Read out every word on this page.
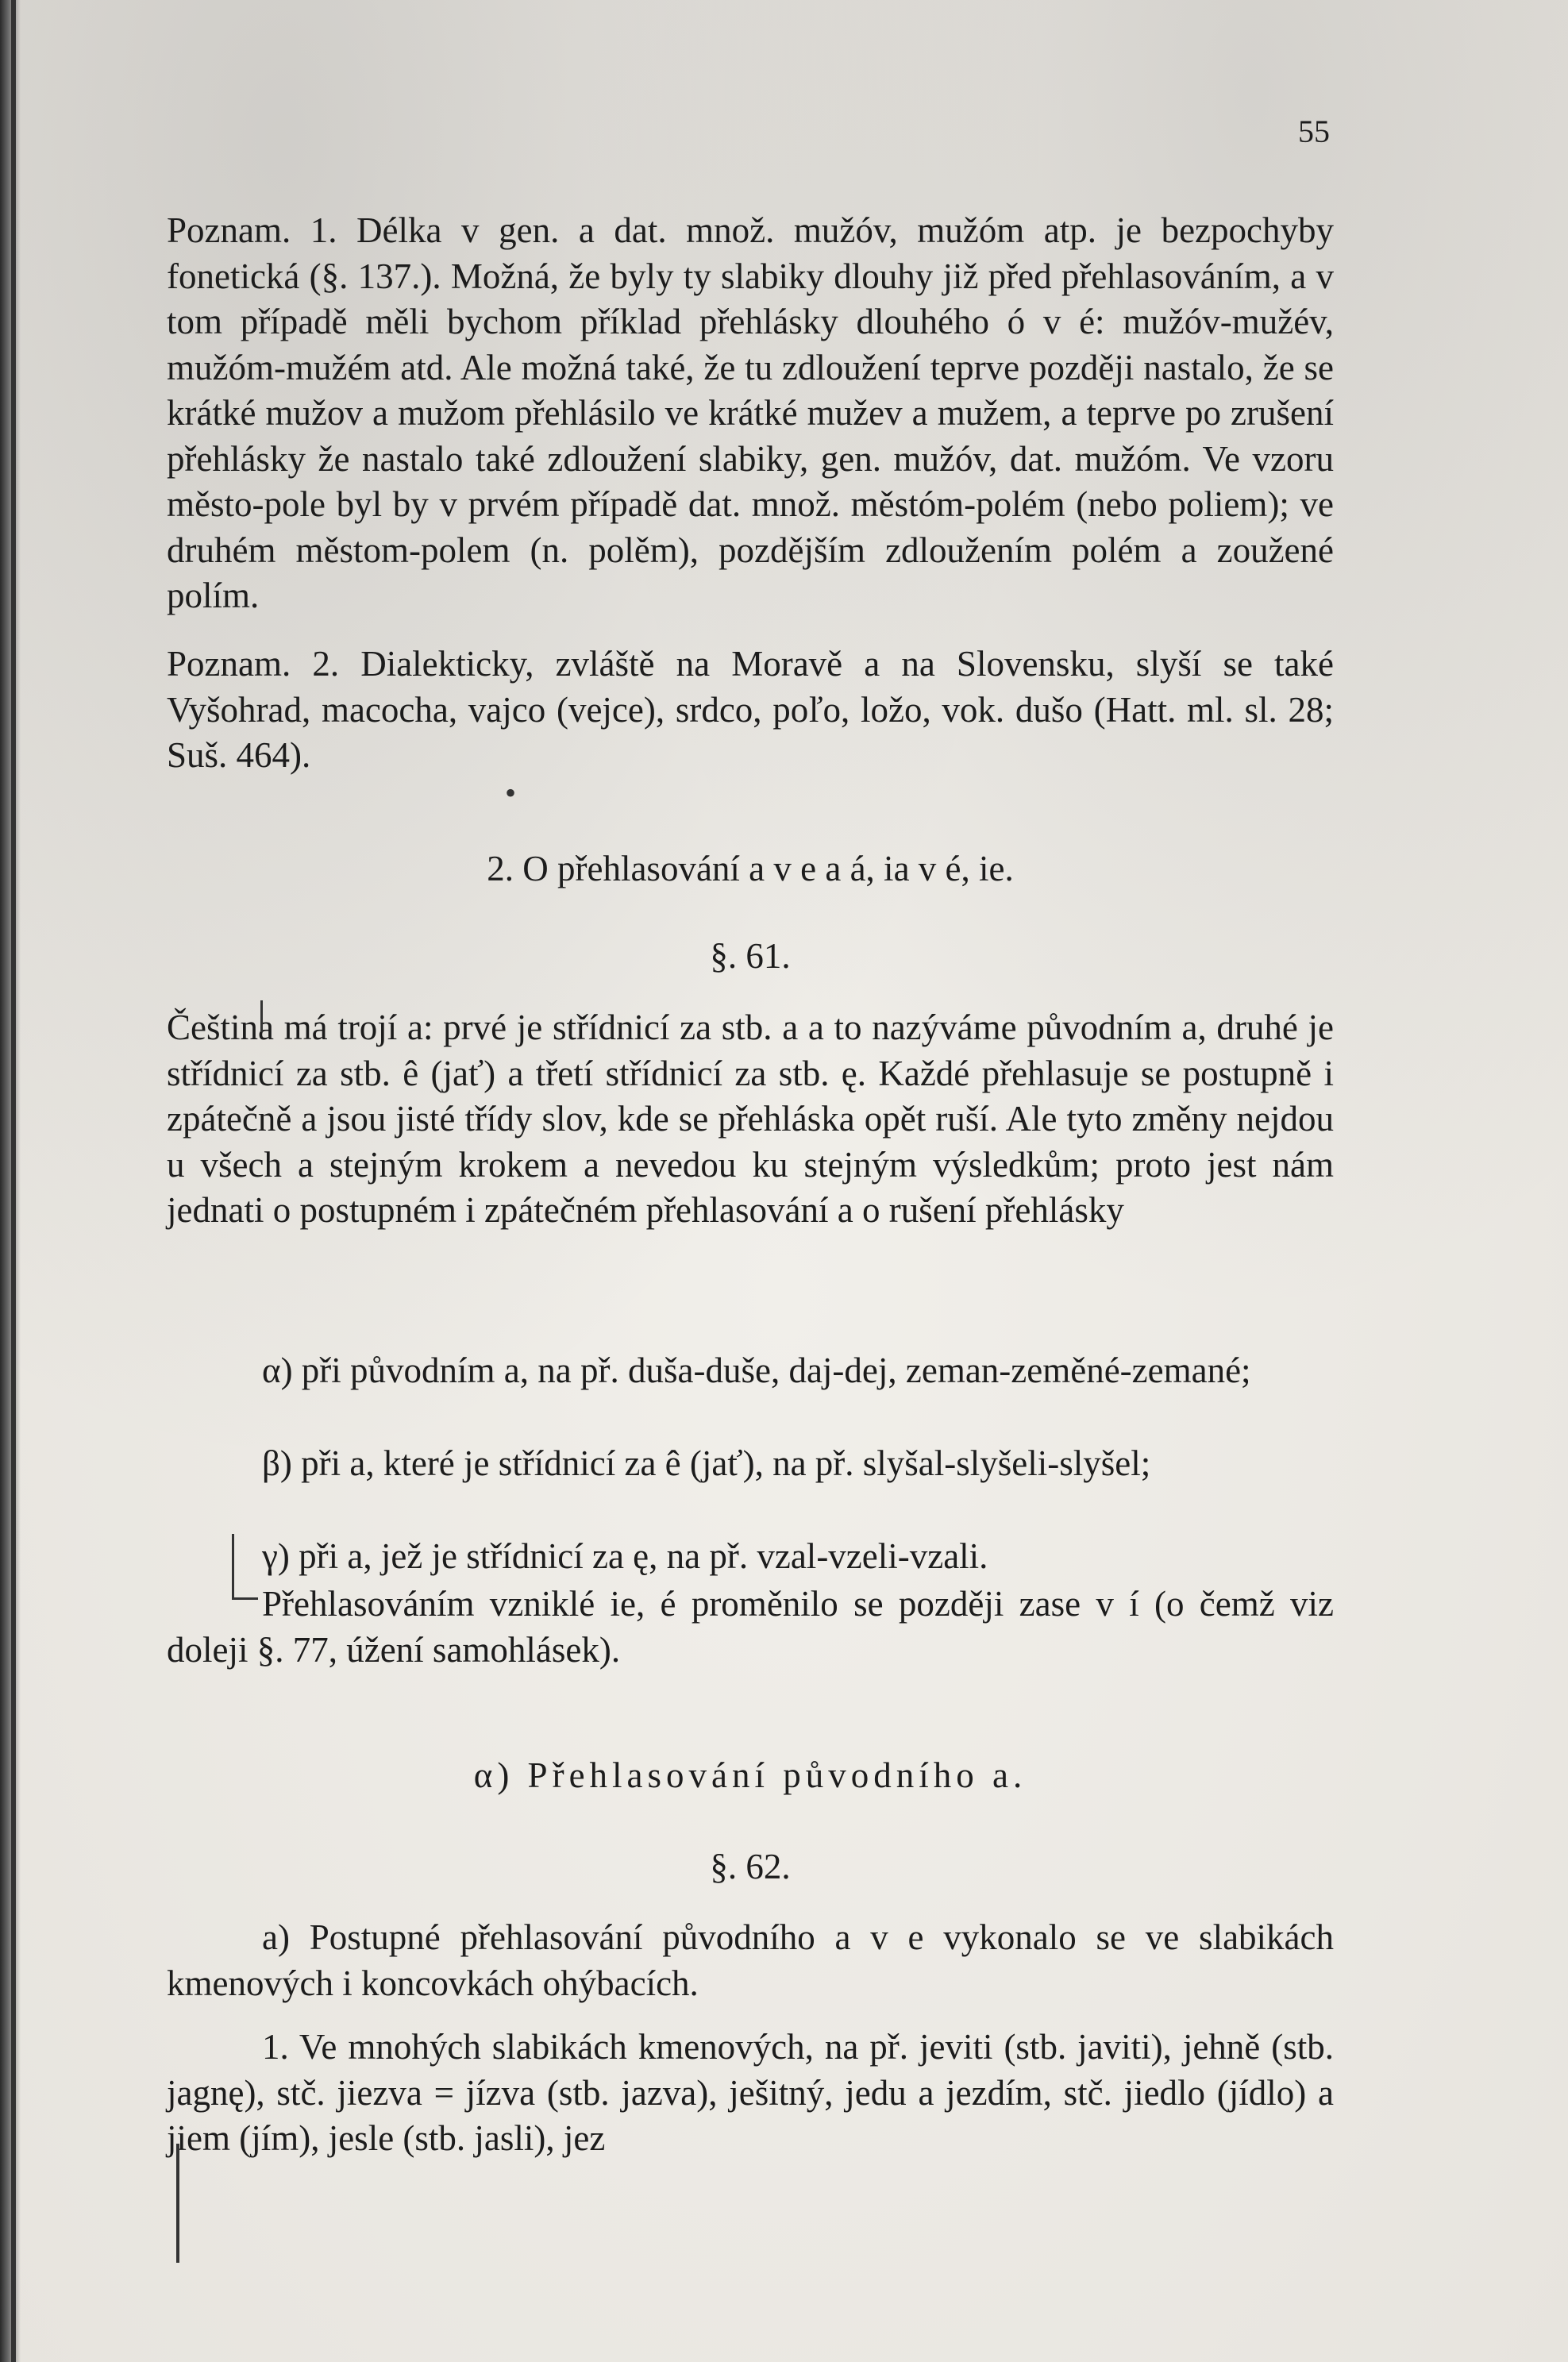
55
Poznam. 1. Délka v gen. a dat. množ. mužóv, mužóm atp. je bezpochyby fonetická (§. 137.). Možná, že byly ty slabiky dlouhy již před přehlasováním, a v tom případě měli bychom příklad přehlásky dlouhého ó v é: mužóv-mužév, mužóm-mužém atd. Ale možná také, že tu zdloužení teprve později nastalo, že se krátké mužov a mužom přehlásilo ve krátké mužev a mužem, a teprve po zrušení přehlásky že nastalo také zdloužení slabiky, gen. mužóv, dat. mužóm. Ve vzoru město-pole byl by v prvém případě dat. množ. městóm-polém (nebo poliem); ve druhém městom-polem (n. polěm), pozdějším zdloužením polém a zoužené polím.
Poznam. 2. Dialekticky, zvláště na Moravě a na Slovensku, slyší se také Vyšohrad, macocha, vajco (vejce), srdco, poľo, ložo, vok. dušo (Hatt. ml. sl. 28; Suš. 464).
•
2. O přehlasování a v e a á, ia v é, ie.
§. 61.
Čeština má trojí a: prvé je střídnicí za stb. a a to nazýváme původním a, druhé je střídnicí za stb. ê (jať) a třetí střídnicí za stb. ę. Každé přehlasuje se postupně i zpátečně a jsou jisté třídy slov, kde se přehláska opět ruší. Ale tyto změny nejdou u všech a stejným krokem a nevedou ku stejným výsledkům; proto jest nám jednati o postupném i zpátečném přehlasování a o rušení přehlásky
α) při původním a, na př. duša-duše, daj-dej, zeman-zeměné-zemané;
β) při a, které je střídnicí za ê (jať), na př. slyšal-slyšeli-slyšel;
γ) při a, jež je střídnicí za ę, na př. vzal-vzeli-vzali.
Přehlasováním vzniklé ie, é proměnilo se později zase v í (o čemž viz doleji §. 77, úžení samohlásek).
α) Přehlasování původního a.
§. 62.
a) Postupné přehlasování původního a v e vykonalo se ve slabikách kmenových i koncovkách ohýbacích.
1. Ve mnohých slabikách kmenových, na př. jeviti (stb. javiti), jehně (stb. jagnę), stč. jiezva = jízva (stb. jazva), ješitný, jedu a jezdím, stč. jiedlo (jídlo) a jiem (jím), jesle (stb. jasli), jez
